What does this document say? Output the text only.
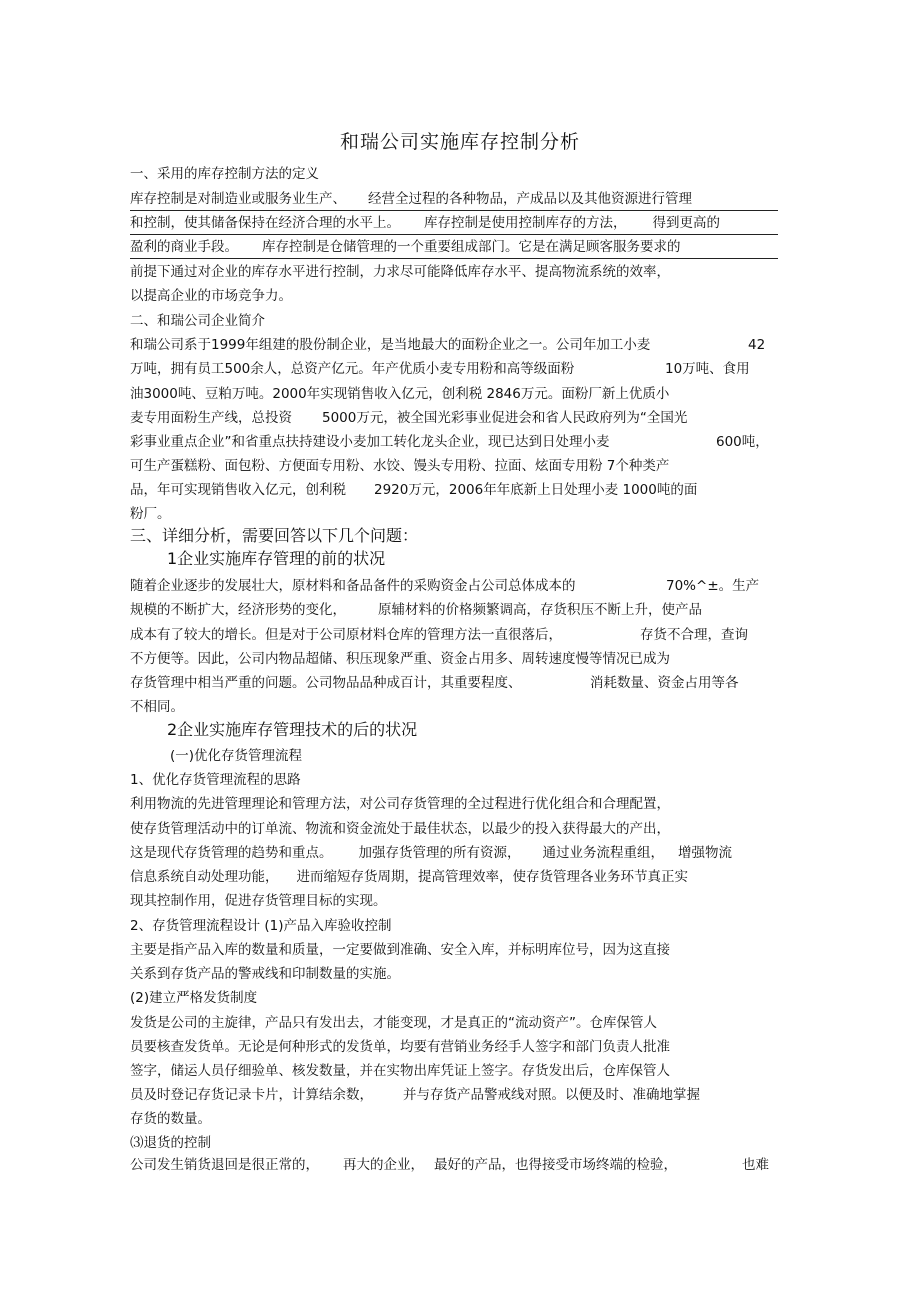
和瑞公司实施库存控制分析
一、采用的库存控制方法的定义
库存控制是对制造业或服务业生产、 经营全过程的各种物品，产成品以及其他资源进行管理
和控制，使其储备保持在经济合理的水平上。 库存控制是使用控制库存的方法， 得到更高的
盈利的商业手段。 库存控制是仓储管理的一个重要组成部门。它是在满足顾客服务要求的
前提下通过对企业的库存水平进行控制，力求尽可能降低库存水平、提高物流系统的效率，
以提高企业的市场竞争力。
二、和瑞公司企业简介
和瑞公司系于1999年组建的股份制企业，是当地最大的面粉企业之一。公司年加工小麦	42
万吨，拥有员工500余人，总资产亿元。年产优质小麦专用粉和高等级面粉	10万吨、食用
油3000吨、豆粕万吨。2000年实现销售收入亿元，创利税 2846万元。面粉厂新上优质小
麦专用面粉生产线，总投资 5000万元，被全国光彩事业促进会和省人民政府列为“全国光
彩事业重点企业”和省重点扶持建设小麦加工转化龙头企业，现已达到日处理小麦	600吨，
可生产蛋糕粉、面包粉、方便面专用粉、水饺、馒头专用粉、拉面、炫面专用粉 7个种类产
品，年可实现销售收入亿元，创利税 2920万元，2006年年底新上日处理小麦 1000吨的面
粉厂。
三、详细分析，需要回答以下几个问题：
1企业实施库存管理的前的状况
随着企业逐步的发展壮大，原材料和备品备件的采购资金占公司总体成本的	70%^±。生产
规模的不断扩大，经济形势的变化， 原辅材料的价格频繁调高，存货积压不断上升，使产品
成本有了较大的增长。但是对于公司原材料仓库的管理方法一直很落后，	存货不合理，查询
不方便等。因此，公司内物品超储、积压现象严重、资金占用多、周转速度慢等情况已成为
存货管理中相当严重的问题。公司物品品种成百计，其重要程度、	消耗数量、资金占用等各
不相同。
2企业实施库存管理技术的后的状况
(一)优化存货管理流程
1、优化存货管理流程的思路
利用物流的先进管理理论和管理方法，对公司存货管理的全过程进行优化组合和合理配置，
使存货管理活动中的订单流、物流和资金流处于最佳状态，以最少的投入获得最大的产出，
这是现代存货管理的趋势和重点。 加强存货管理的所有资源， 通过业务流程重组， 增强物流
信息系统自动处理功能， 进而缩短存货周期，提高管理效率，使存货管理各业务环节真正实
现其控制作用，促进存货管理目标的实现。
2、存货管理流程设计 (1)产品入库验收控制
主要是指产品入库的数量和质量，一定要做到准确、安全入库，并标明库位号，因为这直接
关系到存货产品的警戒线和印制数量的实施。
(2)建立严格发货制度
发货是公司的主旋律，产品只有发出去，才能变现，才是真正的“流动资产”。仓库保管人
员要核查发货单。无论是何种形式的发货单，均要有营销业务经手人签字和部门负责人批准
签字，储运人员仔细验单、核发数量，并在实物出库凭证上签字。存货发出后，仓库保管人
员及时登记存货记录卡片，计算结余数， 并与存货产品警戒线对照。以便及时、准确地掌握
存货的数量。
⑶退货的控制
公司发生销货退回是很正常的， 再大的企业， 最好的产品，也得接受市场终端的检验，	也难
